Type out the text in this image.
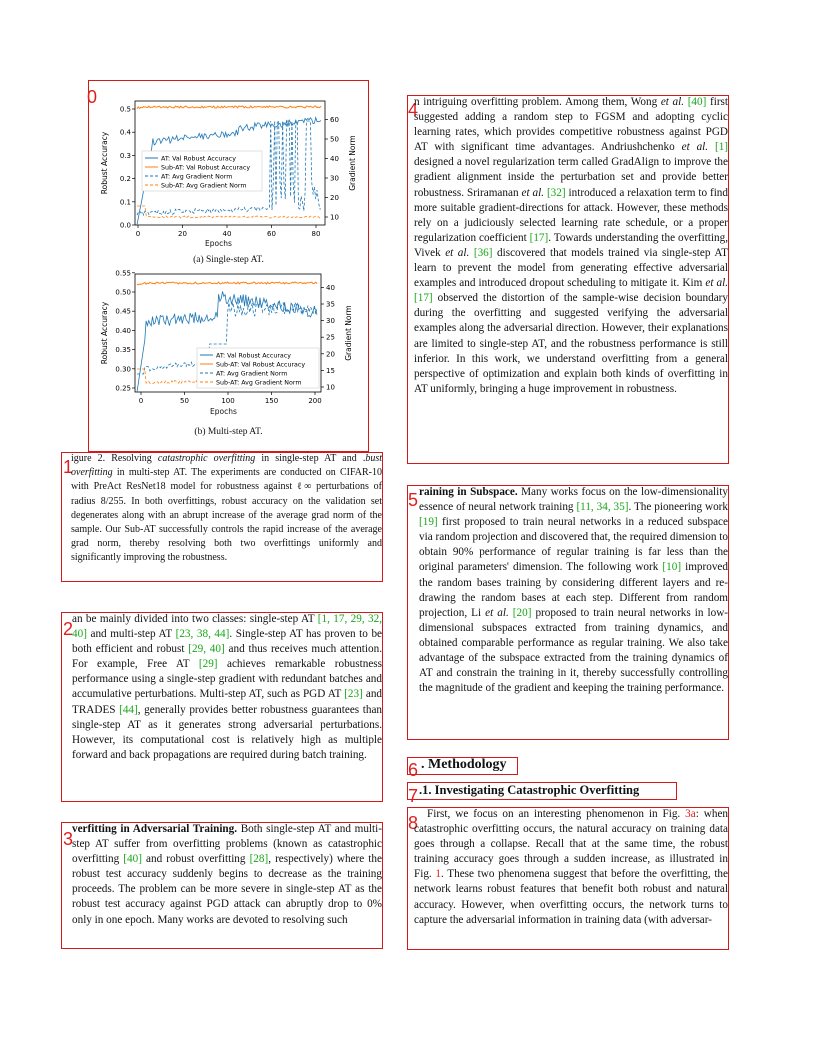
0
0	20	40	60	80
0.0
0.1
0.2
0.3
0.4
0.5
10
20
30
40
50
60
Robust Accuracy	Gradient Norm
AT: Val Robust Accuracy
Sub-AT: Val Robust Accuracy
AT: Avg Gradient Norm
Sub-AT: Avg Gradient Norm
Epochs
(a) Single-step AT.
0	50	100	150	200
0.25
0.30
0.35
0.40
0.45
0.50
0.55
10
15
20
25
30
35
40
Robust Accuracy	Gradient Norm
AT: Val Robust Accuracy
Sub-AT: Val Robust Accuracy
AT: Avg Gradient Norm
Sub-AT: Avg Gradient Norm
Epochs
(b) Multi-step AT.
1
igure 2. Resolving catastrophic overfitting in single-step AT and .bust overfitting in multi-step AT. The experiments are conducted on CIFAR-10 with PreAct ResNet18 model for robustness against ℓ∞ perturbations of radius 8/255. In both overfittings, robust accuracy on the validation set degenerates along with an abrupt increase of the average grad norm of the sample. Our Sub-AT successfully controls the rapid increase of the average grad norm, thereby resolving both two overfittings uniformly and significantly improving the robustness.
2
an be mainly divided into two classes: single-step AT [1, 17, 29, 32, 40] and multi-step AT [23, 38, 44]. Single-step AT has proven to be both efficient and robust [29, 40] and thus receives much attention. For example, Free AT [29] achieves remarkable robustness performance using a single-step gradient with redundant batches and accumulative perturbations. Multi-step AT, such as PGD AT [23] and TRADES [44], generally provides better robustness guarantees than single-step AT as it generates strong adversarial perturbations. However, its computational cost is relatively high as multiple forward and back propagations are required during batch training.
3
verfitting in Adversarial Training. Both single-step AT and multi-step AT suffer from overfitting problems (known as catastrophic overfitting [40] and robust overfitting [28], respectively) where the robust test accuracy suddenly begins to decrease as the training proceeds. The problem can be more severe in single-step AT as the robust test accuracy against PGD attack can abruptly drop to 0% only in one epoch. Many works are devoted to resolving such
4
n intriguing overfitting problem. Among them, Wong et al. [40] first suggested adding a random step to FGSM and adopting cyclic learning rates, which provides competitive robustness against PGD AT with significant time advantages. Andriushchenko et al. [1] designed a novel regularization term called GradAlign to improve the gradient alignment inside the perturbation set and provide better robustness. Sriramanan et al. [32] introduced a relaxation term to find more suitable gradient-directions for attack. However, these methods rely on a judiciously selected learning rate schedule, or a proper regularization coefficient [17]. Towards understanding the overfitting, Vivek et al. [36] discovered that models trained via single-step AT learn to prevent the model from generating effective adversarial examples and introduced dropout scheduling to mitigate it. Kim et al. [17] observed the distortion of the sample-wise decision boundary during the overfitting and suggested verifying the adversarial examples along the adversarial direction. However, their explanations are limited to single-step AT, and the robustness performance is still inferior. In this work, we understand overfitting from a general perspective of optimization and explain both kinds of overfitting in AT uniformly, bringing a huge improvement in robustness.
5 raining in Subspace. Many works focus on the low-dimensionality essence of neural network training [11, 34, 35]. The pioneering work [19] first proposed to train neural networks in a reduced subspace via random projection and discovered that, the required dimension to obtain 90% performance of regular training is far less than the original parameters' dimension. The following work [10] improved the random bases training by considering different layers and re-drawing the random bases at each step. Different from random projection, Li et al. [20] proposed to train neural networks in low-dimensional subspaces extracted from training dynamics, and obtained comparable performance as regular training. We also take advantage of the subspace extracted from the training dynamics of AT and constrain the training in it, thereby successfully controlling the magnitude of the gradient and keeping the training performance.
6 . Methodology
7 .1. Investigating Catastrophic Overfitting
8 First, we focus on an interesting phenomenon in Fig. 3a: when catastrophic overfitting occurs, the natural accuracy on training data goes through a collapse. Recall that at the same time, the robust training accuracy goes through a sudden increase, as illustrated in Fig. 1. These two phenomena suggest that before the overfitting, the network learns robust features that benefit both robust and natural accuracy. However, when overfitting occurs, the network turns to capture the adversarial information in training data (with adversar-
